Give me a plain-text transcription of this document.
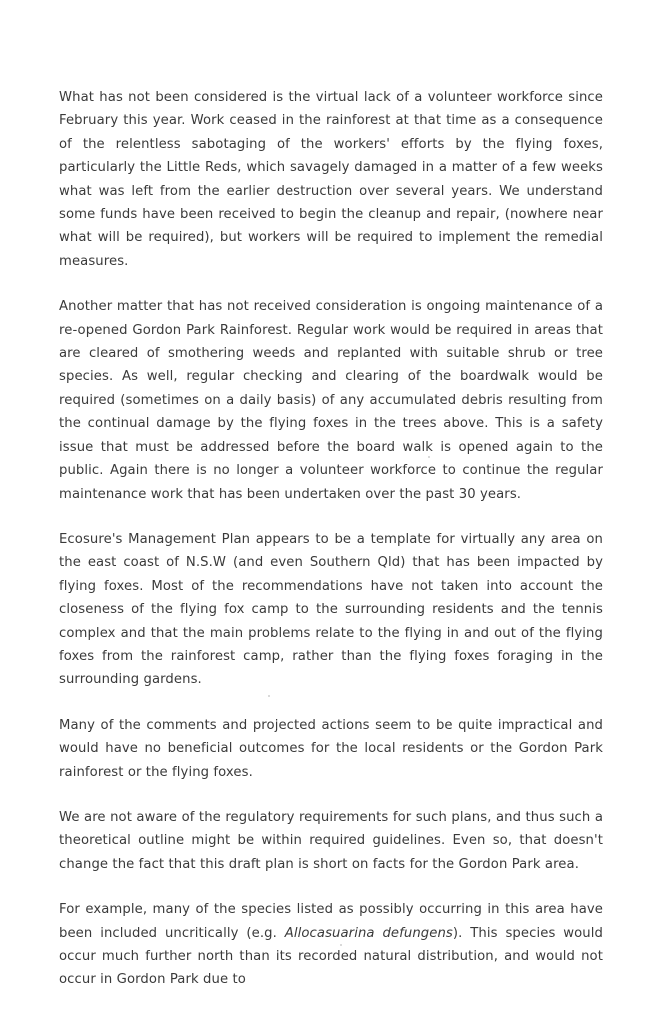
What has not been considered is the virtual lack of a volunteer workforce since February this year. Work ceased in the rainforest at that time as a consequence of the relentless sabotaging of the workers' efforts by the flying foxes, particularly the Little Reds, which savagely damaged in a matter of a few weeks what was left from the earlier destruction over several years. We understand some funds have been received to begin the cleanup and repair, (nowhere near what will be required), but workers will be required to implement the remedial measures.

Another matter that has not received consideration is ongoing maintenance of a re-opened Gordon Park Rainforest. Regular work would be required in areas that are cleared of smothering weeds and replanted with suitable shrub or tree species. As well, regular checking and clearing of the boardwalk would be required (sometimes on a daily basis) of any accumulated debris resulting from the continual damage by the flying foxes in the trees above. This is a safety issue that must be addressed before the board walk is opened again to the public. Again there is no longer a volunteer workforce to continue the regular maintenance work that has been undertaken over the past 30 years.

Ecosure's Management Plan appears to be a template for virtually any area on the east coast of N.S.W (and even Southern Qld) that has been impacted by flying foxes. Most of the recommendations have not taken into account the closeness of the flying fox camp to the surrounding residents and the tennis complex and that the main problems relate to the flying in and out of the flying foxes from the rainforest camp, rather than the flying foxes foraging in the surrounding gardens.

Many of the comments and projected actions seem to be quite impractical and would have no beneficial outcomes for the local residents or the Gordon Park rainforest or the flying foxes.

We are not aware of the regulatory requirements for such plans, and thus such a theoretical outline might be within required guidelines. Even so, that doesn't change the fact that this draft plan is short on facts for the Gordon Park area.

For example, many of the species listed as possibly occurring in this area have been included uncritically (e.g. Allocasuarina defungens). This species would occur much further north than its recorded natural distribution, and would not occur in Gordon Park due to
